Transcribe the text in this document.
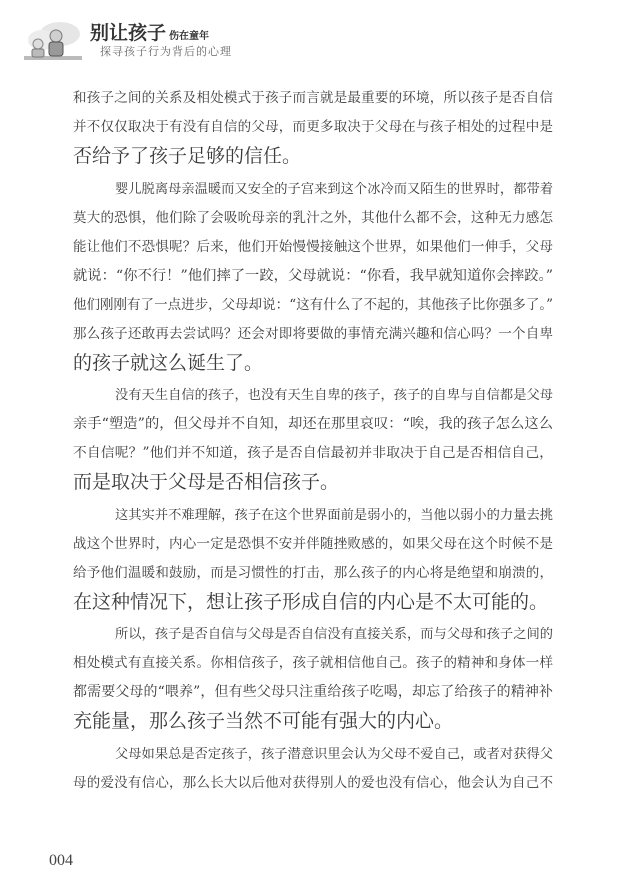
别让孩子 伤在童年
探寻孩子行为背后的心理
和孩子之间的关系及相处模式于孩子而言就是最重要的环境，所以孩子是否自信
并不仅仅取决于有没有自信的父母，而更多取决于父母在与孩子相处的过程中是
否给予了孩子足够的信任。
婴儿脱离母亲温暖而又安全的子宫来到这个冰冷而又陌生的世界时，都带着
莫大的恐惧，他们除了会吸吮母亲的乳汁之外，其他什么都不会，这种无力感怎
能让他们不恐惧呢？后来，他们开始慢慢接触这个世界，如果他们一伸手，父母
就说：“你不行！”他们摔了一跤，父母就说：“你看，我早就知道你会摔跤。”
他们刚刚有了一点进步，父母却说：“这有什么了不起的，其他孩子比你强多了。”
那么孩子还敢再去尝试吗？还会对即将要做的事情充满兴趣和信心吗？一个自卑
的孩子就这么诞生了。
没有天生自信的孩子，也没有天生自卑的孩子，孩子的自卑与自信都是父母
亲手“塑造”的，但父母并不自知，却还在那里哀叹：“唉，我的孩子怎么这么
不自信呢？”他们并不知道，孩子是否自信最初并非取决于自己是否相信自己，
而是取决于父母是否相信孩子。
这其实并不难理解，孩子在这个世界面前是弱小的，当他以弱小的力量去挑
战这个世界时，内心一定是恐惧不安并伴随挫败感的，如果父母在这个时候不是
给予他们温暖和鼓励，而是习惯性的打击，那么孩子的内心将是绝望和崩溃的，
在这种情况下，想让孩子形成自信的内心是不太可能的。
所以，孩子是否自信与父母是否自信没有直接关系，而与父母和孩子之间的
相处模式有直接关系。你相信孩子，孩子就相信他自己。孩子的精神和身体一样
都需要父母的“喂养”，但有些父母只注重给孩子吃喝，却忘了给孩子的精神补
充能量，那么孩子当然不可能有强大的内心。
父母如果总是否定孩子，孩子潜意识里会认为父母不爱自己，或者对获得父
母的爱没有信心，那么长大以后他对获得别人的爱也没有信心，他会认为自己不
004
